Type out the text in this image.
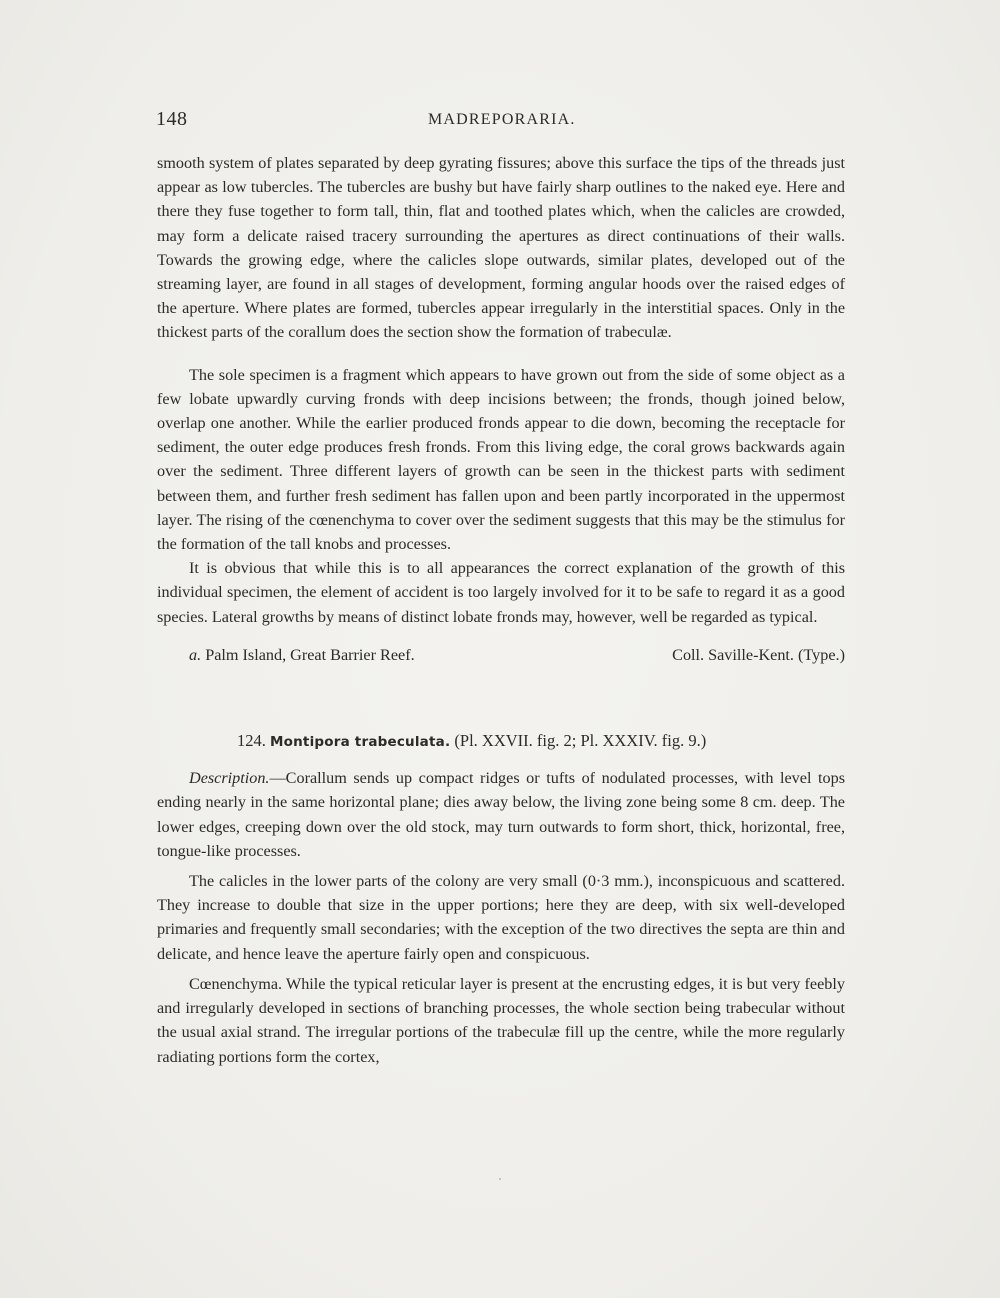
148	MADREPORARIA.

smooth system of plates separated by deep gyrating fissures; above this surface the tips of the threads just appear as low tubercles. The tubercles are bushy but have fairly sharp outlines to the naked eye. Here and there they fuse together to form tall, thin, flat and toothed plates which, when the calicles are crowded, may form a delicate raised tracery surrounding the apertures as direct continuations of their walls. Towards the growing edge, where the calicles slope outwards, similar plates, developed out of the streaming layer, are found in all stages of development, forming angular hoods over the raised edges of the aperture. Where plates are formed, tubercles appear irregularly in the interstitial spaces. Only in the thickest parts of the corallum does the section show the formation of trabeculæ.

The sole specimen is a fragment which appears to have grown out from the side of some object as a few lobate upwardly curving fronds with deep incisions between; the fronds, though joined below, overlap one another. While the earlier produced fronds appear to die down, becoming the receptacle for sediment, the outer edge produces fresh fronds. From this living edge, the coral grows backwards again over the sediment. Three different layers of growth can be seen in the thickest parts with sediment between them, and further fresh sediment has fallen upon and been partly incorporated in the uppermost layer. The rising of the cœnenchyma to cover over the sediment suggests that this may be the stimulus for the formation of the tall knobs and processes.

It is obvious that while this is to all appearances the correct explanation of the growth of this individual specimen, the element of accident is too largely involved for it to be safe to regard it as a good species. Lateral growths by means of distinct lobate fronds may, however, well be regarded as typical.

a. Palm Island, Great Barrier Reef.	Coll. Saville-Kent. (Type.)

124. Montipora trabeculata. (Pl. XXVII. fig. 2; Pl. XXXIV. fig. 9.)

Description.—Corallum sends up compact ridges or tufts of nodulated processes, with level tops ending nearly in the same horizontal plane; dies away below, the living zone being some 8 cm. deep. The lower edges, creeping down over the old stock, may turn outwards to form short, thick, horizontal, free, tongue-like processes.

The calicles in the lower parts of the colony are very small (0·3 mm.), inconspicuous and scattered. They increase to double that size in the upper portions; here they are deep, with six well-developed primaries and frequently small secondaries; with the exception of the two directives the septa are thin and delicate, and hence leave the aperture fairly open and conspicuous.

Cœnenchyma. While the typical reticular layer is present at the encrusting edges, it is but very feebly and irregularly developed in sections of branching processes, the whole section being trabecular without the usual axial strand. The irregular portions of the trabeculæ fill up the centre, while the more regularly radiating portions form the cortex,
